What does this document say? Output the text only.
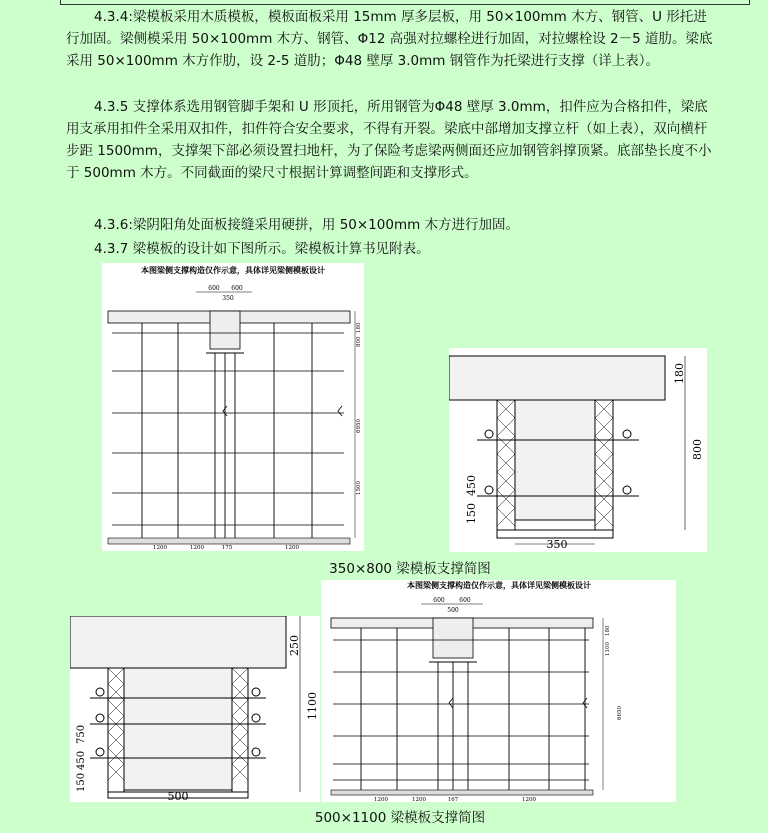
4.3.4:梁模板采用木质模板，模板面板采用 15mm 厚多层板，用 50×100mm 木方、钢管、U 形托进行加固。梁侧模采用 50×100mm 木方、钢管、Φ12 高强对拉螺栓进行加固，对拉螺栓设 2－5 道肋。梁底采用 50×100mm 木方作肋，设 2-5 道肋；Φ48 壁厚 3.0mm 钢管作为托梁进行支撑（详上表）。

4.3.5 支撑体系选用钢管脚手架和 U 形顶托，所用钢管为Φ48 壁厚 3.0mm，扣件应为合格扣件，梁底用支承用扣件全采用双扣件，扣件符合安全要求，不得有开裂。梁底中部增加支撑立杆（如上表），双向横杆步距 1500mm，支撑架下部必须设置扫地杆，为了保险考虑梁两侧面还应加钢管斜撑顶紧。底部垫长度不小于 500mm 木方。不同截面的梁尺寸根据计算调整间距和支撑形式。

4.3.6:梁阴阳角处面板接缝采用硬拼，用 50×100mm 木方进行加固。

4.3.7 梁模板的设计如下图所示。梁模板计算书见附表。

本图梁侧支撑构造仅作示意，具体详见梁侧模板设计
600 600
350
180
800
6950
1500
1200	1200	175	1200
180
800
450
150
350
350×800 梁模板支撑简图
250
1100
750
450
150
500
本图梁侧支撑构造仅作示意，具体详见梁侧模板设计
600 600
500
180
1100
6650
1200	1200	167	1200
500×1100 梁模板支撑简图
